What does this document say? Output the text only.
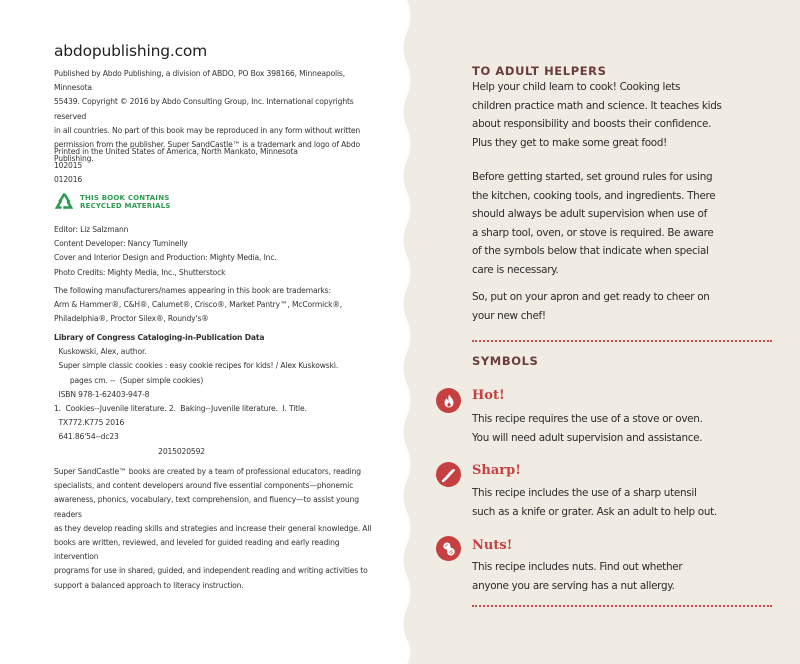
abdopublishing.com
Published by Abdo Publishing, a division of ABDO, PO Box 398166, Minneapolis, Minnesota
55439. Copyright © 2016 by Abdo Consulting Group, Inc. International copyrights reserved
in all countries. No part of this book may be reproduced in any form without written
permission from the publisher. Super SandCastle™ is a trademark and logo of Abdo
Publishing.
Printed in the United States of America, North Mankato, Minnesota
102015
012016
THIS BOOK CONTAINS
RECYCLED MATERIALS
Editor: Liz Salzmann
Content Developer: Nancy Tuminelly
Cover and Interior Design and Production: Mighty Media, Inc.
Photo Credits: Mighty Media, Inc., Shutterstock
The following manufacturers/names appearing in this book are trademarks:
Arm & Hammer®, C&H®, Calumet®, Crisco®, Market Pantry™, McCormick®,
Philadelphia®, Proctor Silex®, Roundy's®
Library of Congress Cataloging-in-Publication Data
Kuskowski, Alex, author.
Super simple classic cookies : easy cookie recipes for kids! / Alex Kuskowski.
pages cm. --  (Super simple cookies)
ISBN 978-1-62403-947-8
1.  Cookies--Juvenile literature. 2.  Baking--Juvenile literature.  I. Title.
TX772.K775 2016
641.86'54--dc23
2015020592
Super SandCastle™ books are created by a team of professional educators, reading
specialists, and content developers around five essential components—phonemic
awareness, phonics, vocabulary, text comprehension, and fluency—to assist young readers
as they develop reading skills and strategies and increase their general knowledge. All
books are written, reviewed, and leveled for guided reading and early reading intervention
programs for use in shared, guided, and independent reading and writing activities to
support a balanced approach to literacy instruction.
TO ADULT HELPERS
Help your child learn to cook! Cooking lets
children practice math and science. It teaches kids
about responsibility and boosts their confidence.
Plus they get to make some great food!
Before getting started, set ground rules for using
the kitchen, cooking tools, and ingredients. There
should always be adult supervision when use of
a sharp tool, oven, or stove is required. Be aware
of the symbols below that indicate when special
care is necessary.
So, put on your apron and get ready to cheer on
your new chef!
SYMBOLS
Hot!
This recipe requires the use of a stove or oven.
You will need adult supervision and assistance.
Sharp!
This recipe includes the use of a sharp utensil
such as a knife or grater. Ask an adult to help out.
Nuts!
This recipe includes nuts. Find out whether
anyone you are serving has a nut allergy.
